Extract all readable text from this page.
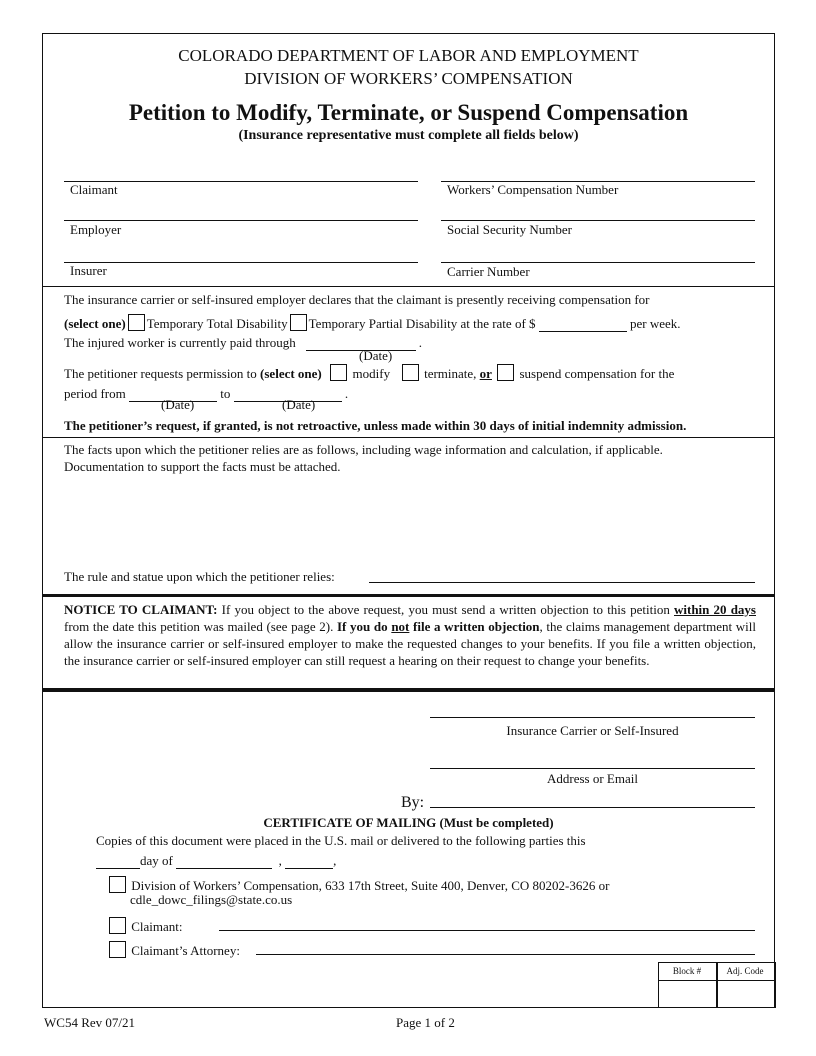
COLORADO DEPARTMENT OF LABOR AND EMPLOYMENT
DIVISION OF WORKERS’ COMPENSATION
Petition to Modify, Terminate, or Suspend Compensation
(Insurance representative must complete all fields below)
Claimant	Workers’ Compensation Number
Employer	Social Security Number
Insurer	Carrier Number
The insurance carrier or self-insured employer declares that the claimant is presently receiving compensation for
(select one) Temporary Total Disability Temporary Partial Disability at the rate of $	per week.
The injured worker is currently paid through	.
(Date)
The petitioner requests permission to (select one) modify	terminate, or suspend compensation for the
period from	to	.
(Date)	(Date)
The petitioner’s request, if granted, is not retroactive, unless made within 30 days of initial indemnity admission.
The facts upon which the petitioner relies are as follows, including wage information and calculation, if applicable.
Documentation to support the facts must be attached.
The rule and statue upon which the petitioner relies:
NOTICE TO CLAIMANT: If you object to the above request, you must send a written objection to this petition within 20 days from the date this petition was mailed (see page 2). If you do not file a written objection, the claims management department will allow the insurance carrier or self-insured employer to make the requested changes to your benefits. If you file a written objection, the insurance carrier or self-insured employer can still request a hearing on their request to change your benefits.
Insurance Carrier or Self-Insured
Address or Email
By:
CERTIFICATE OF MAILING (Must be completed)
Copies of this document were placed in the U.S. mail or delivered to the following parties this
day of	,	,
Division of Workers’ Compensation, 633 17th Street, Suite 400, Denver, CO 80202-3626 or
cdle_dowc_filings@state.co.us
Claimant:
Claimant’s Attorney:
Block #	Adj. Code
WC54 Rev 07/21	Page 1 of 2
